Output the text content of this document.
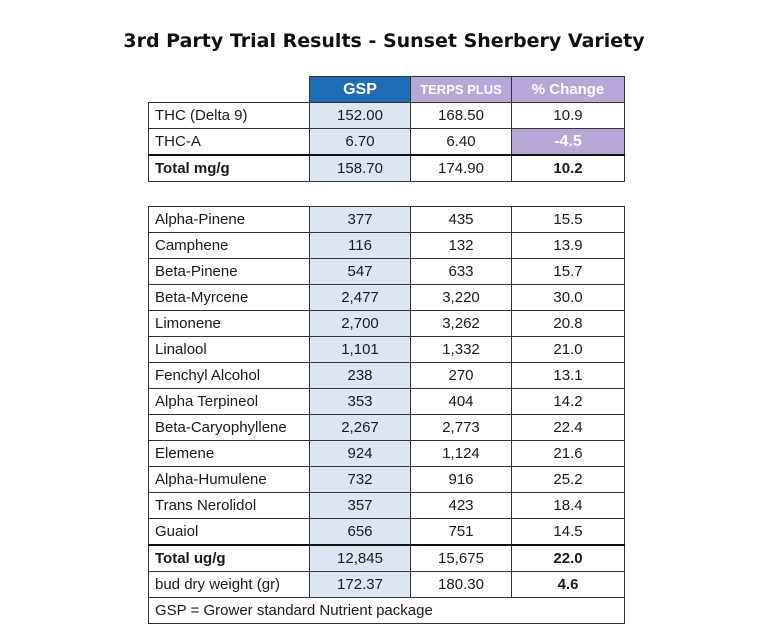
3rd Party Trial Results - Sunset Sherbery Variety
	GSP	TERPS PLUS	% Change
THC (Delta 9)	152.00	168.50	10.9
THC-A	6.70	6.40	-4.5
Total mg/g	158.70	174.90	10.2
Alpha-Pinene	377	435	15.5
Camphene	116	132	13.9
Beta-Pinene	547	633	15.7
Beta-Myrcene	2,477	3,220	30.0
Limonene	2,700	3,262	20.8
Linalool	1,101	1,332	21.0
Fenchyl Alcohol	238	270	13.1
Alpha Terpineol	353	404	14.2
Beta-Caryophyllene	2,267	2,773	22.4
Elemene	924	1,124	21.6
Alpha-Humulene	732	916	25.2
Trans Nerolidol	357	423	18.4
Guaiol	656	751	14.5
Total ug/g	12,845	15,675	22.0
bud dry weight (gr)	172.37	180.30	4.6
GSP = Grower standard Nutrient package			
